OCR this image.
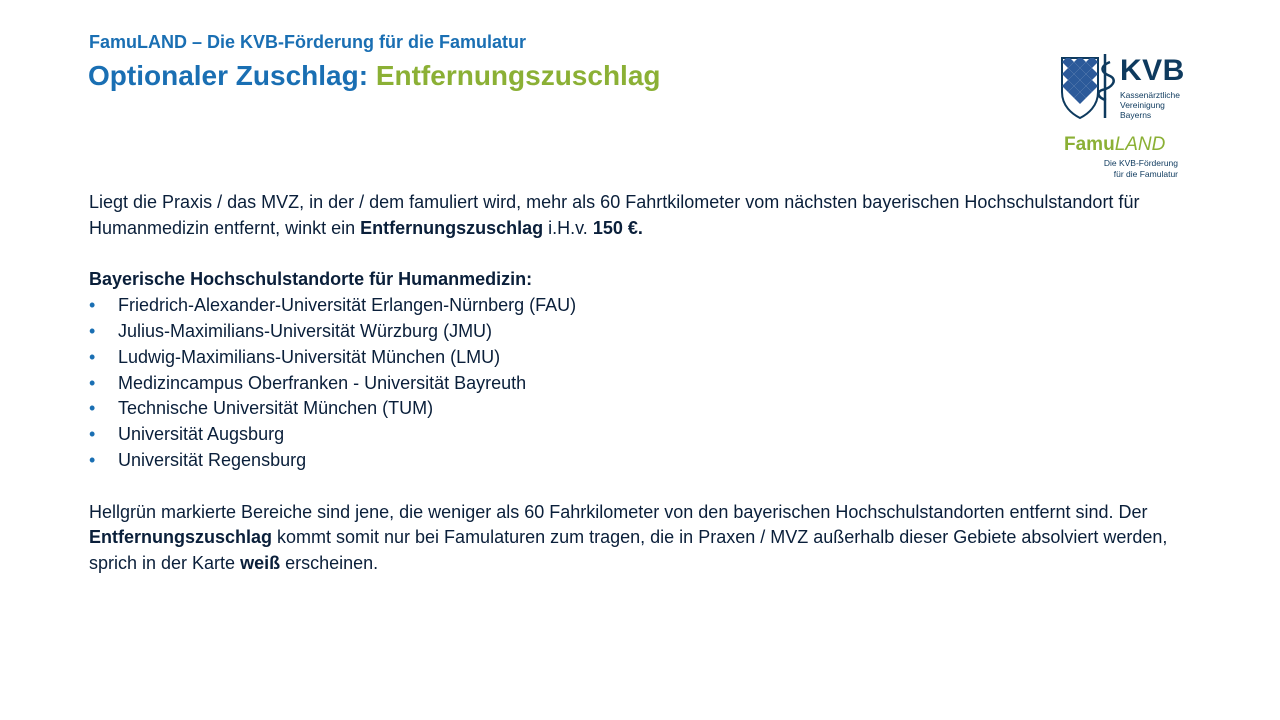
FamuLAND – Die KVB-Förderung für die Famulatur
Optionaler Zuschlag: Entfernungszuschlag	KVB
Kassenärztliche
Vereinigung
Bayerns
FamuLAND
Die KVB-Förderung
für die Famulatur

Liegt die Praxis / das MVZ, in der / dem famuliert wird, mehr als 60 Fahrtkilometer vom nächsten bayerischen Hochschulstandort für Humanmedizin entfernt, winkt ein Entfernungszuschlag i.H.v. 150 €.

Bayerische Hochschulstandorte für Humanmedizin:

• Friedrich-Alexander-Universität Erlangen-Nürnberg (FAU)
• Julius-Maximilians-Universität Würzburg (JMU)
• Ludwig-Maximilians-Universität München (LMU)
• Medizincampus Oberfranken - Universität Bayreuth
• Technische Universität München (TUM)
• Universität Augsburg
• Universität Regensburg

Hellgrün markierte Bereiche sind jene, die weniger als 60 Fahrkilometer von den bayerischen Hochschulstandorten entfernt sind. Der Entfernungszuschlag kommt somit nur bei Famulaturen zum tragen, die in Praxen / MVZ außerhalb dieser Gebiete absolviert werden, sprich in der Karte weiß erscheinen.
